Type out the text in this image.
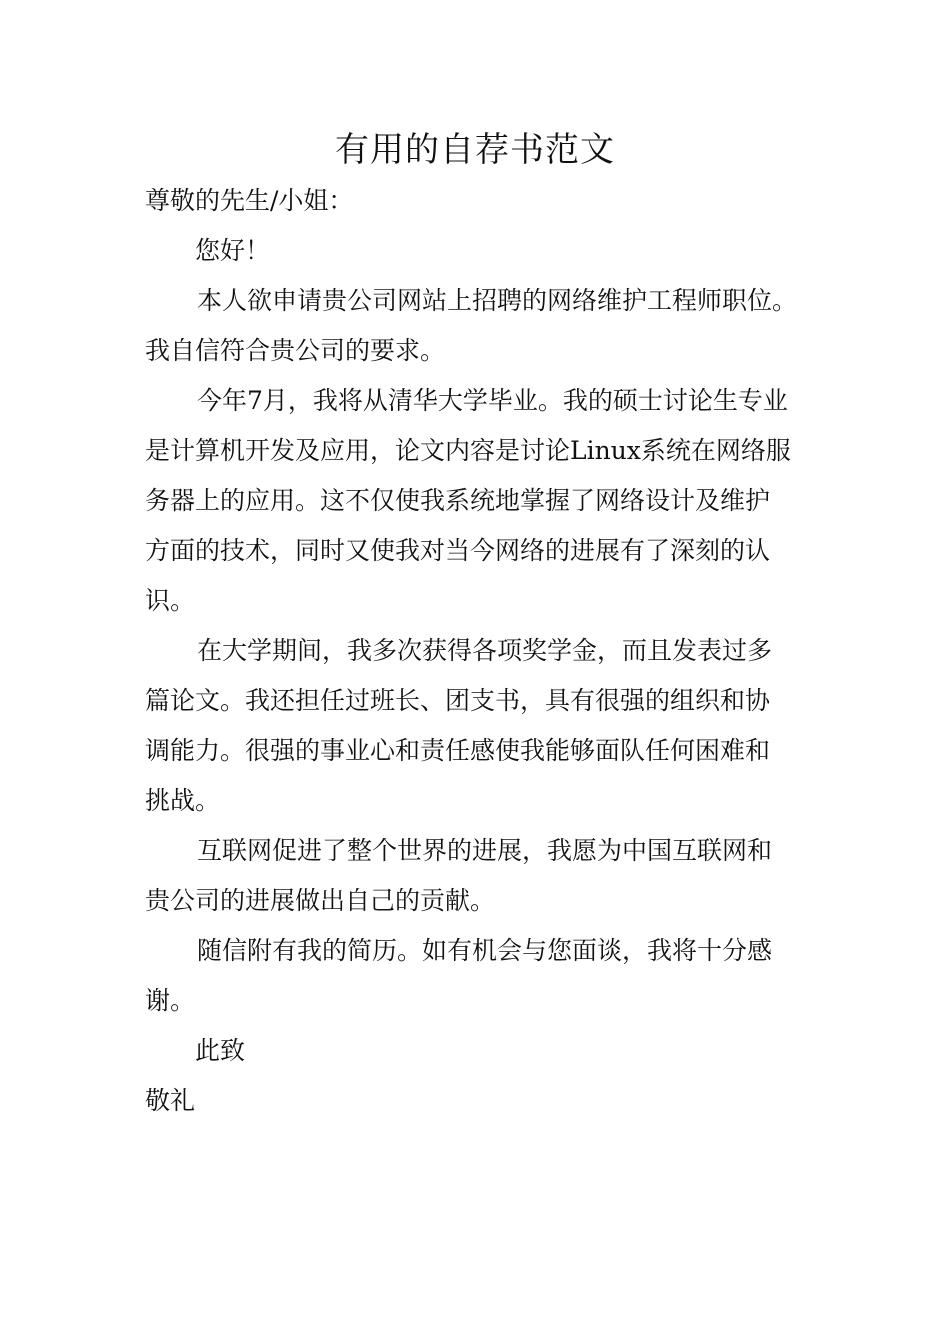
有用的自荐书范文
尊敬的先生/小姐：
您好！
本人欲申请贵公司网站上招聘的网络维护工程师职位。
我自信符合贵公司的要求。
今年7月，我将从清华大学毕业。我的硕士讨论生专业
是计算机开发及应用，论文内容是讨论Linux系统在网络服
务器上的应用。这不仅使我系统地掌握了网络设计及维护
方面的技术，同时又使我对当今网络的进展有了深刻的认
识。
在大学期间，我多次获得各项奖学金，而且发表过多
篇论文。我还担任过班长、团支书，具有很强的组织和协
调能力。很强的事业心和责任感使我能够面队任何困难和
挑战。
互联网促进了整个世界的进展，我愿为中国互联网和
贵公司的进展做出自己的贡献。
随信附有我的简历。如有机会与您面谈，我将十分感
谢。
此致
敬礼
